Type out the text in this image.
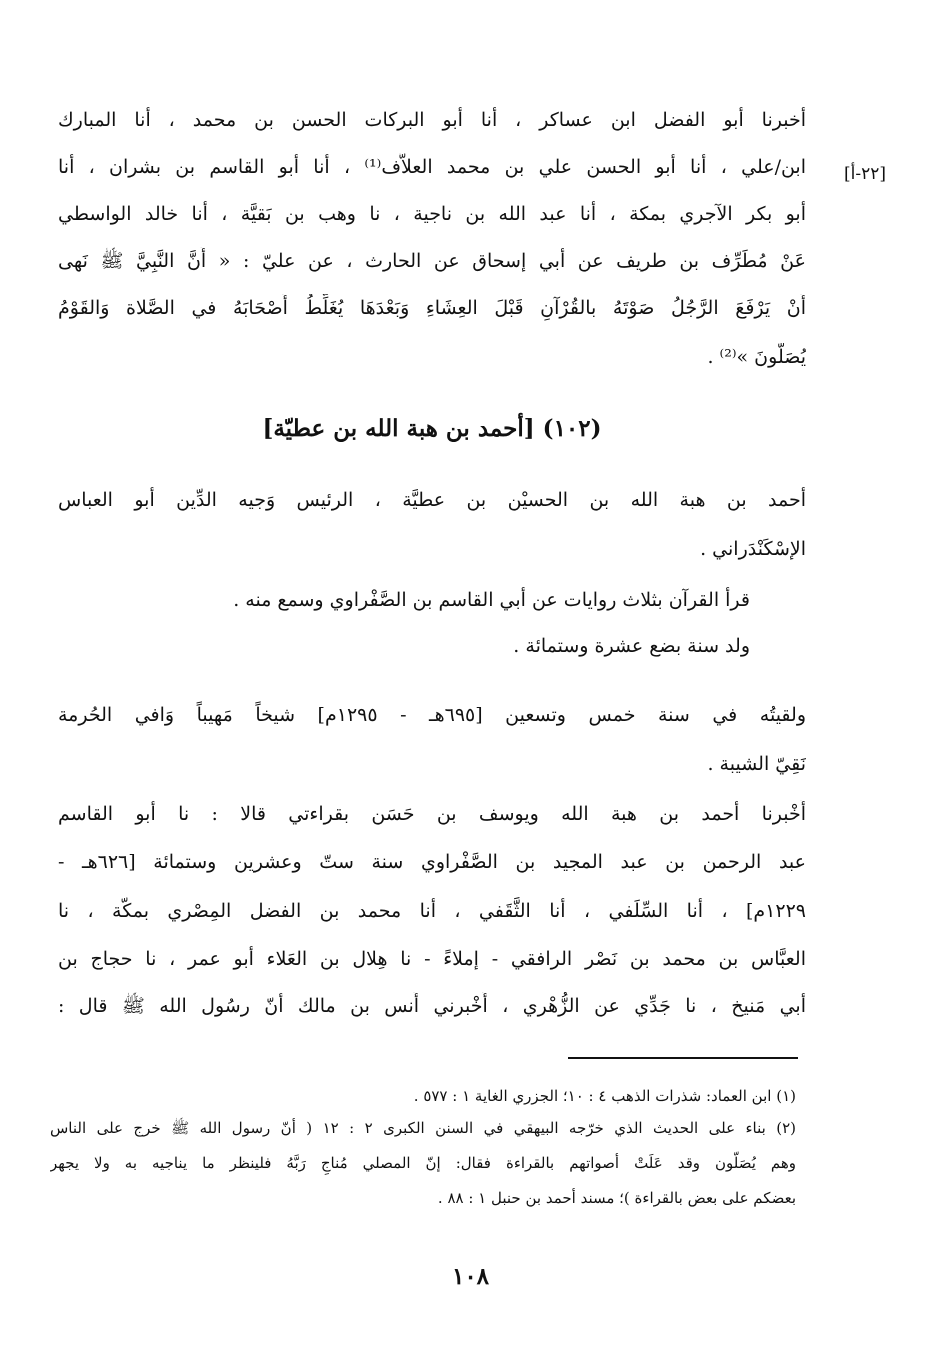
[٢٢-أ]
أخبرنا أبو الفضل ابن عساكر ، أنا أبو البركات الحسن بن محمد ، أنا المبارك
ابن/علي ، أنا أبو الحسن علي بن محمد العلاَّف⁽¹⁾ ، أنا أبو القاسم بن بشران ، أنا
أبو بكر الآجري بمكة ، أنا عبد الله بن ناجية ، نا وهب بن بَقيَّة ، أنا خالد الواسطي
عَنْ مُطَرِّف بن طريف عن أبي إسحاق عن الحارث ، عن عليّ : « أَنَّ النَّبِيَّ ﷺ نَهى
أَنْ يَرْفَعَ الرَّجُلُ صَوْتَهُ بالقُرْآنِ قَبْلَ العِشَاءِ وَبَعْدَهَا يُغَلِّطُ أَصْحَابَهُ في الصَّلاة وَالقَوْمُ
يُصَلُّونَ »⁽²⁾ .
(١٠٢) [أحمد بن هبة الله بن عطيّة]
أحمد بن هبة الله بن الحسيْن بن عطيَّة ، الرئيس وَجيه الدِّين أبو العباس
الإسْكَنْدَراني .
قرأ القرآن بثلاث روايات عن أبي القاسم بن الصَّفْراوي وسمع منه .
ولد سنة بضع عشرة وستمائة .
ولقيتُه في سنة خمس وتسعين [٦٩٥هـ - ١٢٩٥م] شيخاً مَهيباً وَافي الحُرمة
نَقِيّ الشيبة .
أَخْبرنا أحمد بن هبة الله ويوسف بن حَسَن بقراءتي قالا : نا أبو القاسم
عبد الرحمن بن عبد المجيد بن الصَّفْراوي سنة ستّ وعشرين وستمائة [٦٢٦هـ -
١٢٢٩م] ، أنا السِّلَفي ، أنا الثَّقَفي ، أنا محمد بن الفضل المِصْري بمكّة ، نا
العبَّاس بن محمد بن نَصْر الرافقي - إملاءً - نا هِلال بن العَلاء أبو عمر ، نا حجاج بن
أبي مَنيخ ، نا جَدِّي عن الزُّهْري ، أَخْبرني أَنس بن مالك أنّ رسُول الله ﷺ قال :
(١) ابن العماد: شذرات الذهب ٤ : ١٠؛ الجزري الغاية ١ : ٥٧٧ .
(٢) بناء على الحديث الذي خرّجه البيهقي في السنن الكبرى ٢ : ١٢ ( أنّ رسول الله ﷺ خرج على الناس
وهم يُصَلّون وقد عَلَتْ أصواتهم بالقراءة فقال: إنّ المصلي مُناجٍ رَبَّهُ فلينظر ما يناجيه به ولا يجهر
بعضكم على بعض بالقراءة )؛ مسند أحمد بن حنبل ١ : ٨٨ .
١٠٨
